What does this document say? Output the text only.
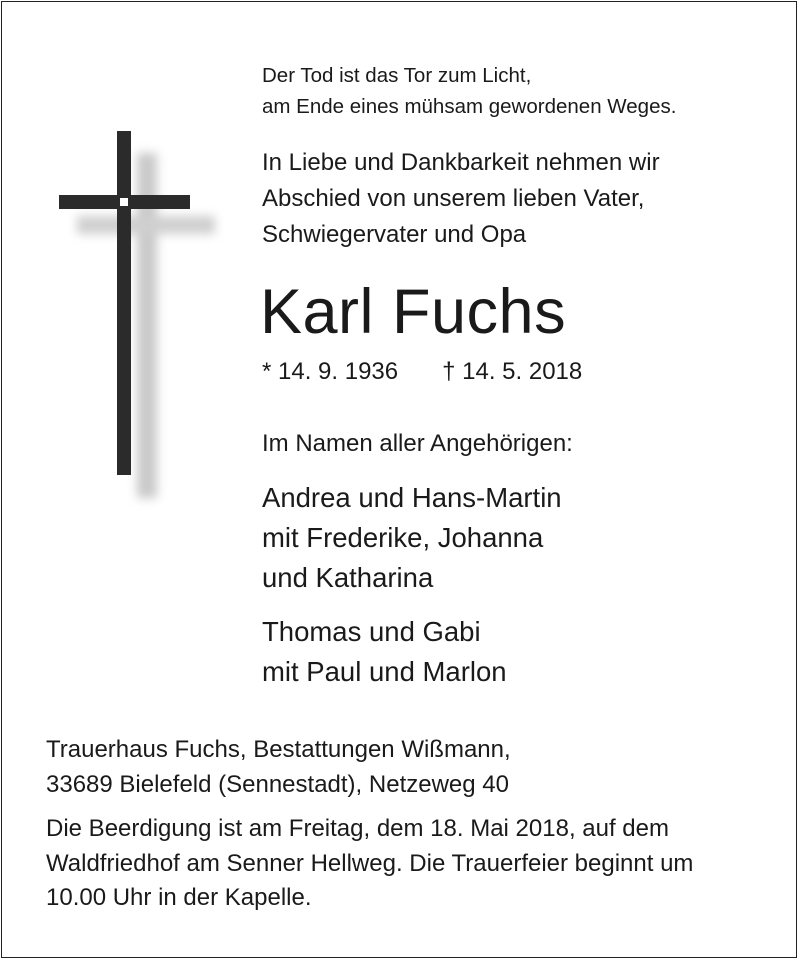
Der Tod ist das Tor zum Licht,
am Ende eines mühsam gewordenen Weges.
In Liebe und Dankbarkeit nehmen wir
Abschied von unserem lieben Vater,
Schwiegervater und Opa
Karl Fuchs
* 14. 9. 1936 † 14. 5. 2018
Im Namen aller Angehörigen:
Andrea und Hans-Martin
mit Frederike, Johanna
und Katharina
Thomas und Gabi
mit Paul und Marlon
Trauerhaus Fuchs, Bestattungen Wißmann,
33689 Bielefeld (Sennestadt), Netzeweg 40
Die Beerdigung ist am Freitag, dem 18. Mai 2018, auf dem
Waldfriedhof am Senner Hellweg. Die Trauerfeier beginnt um
10.00 Uhr in der Kapelle.
